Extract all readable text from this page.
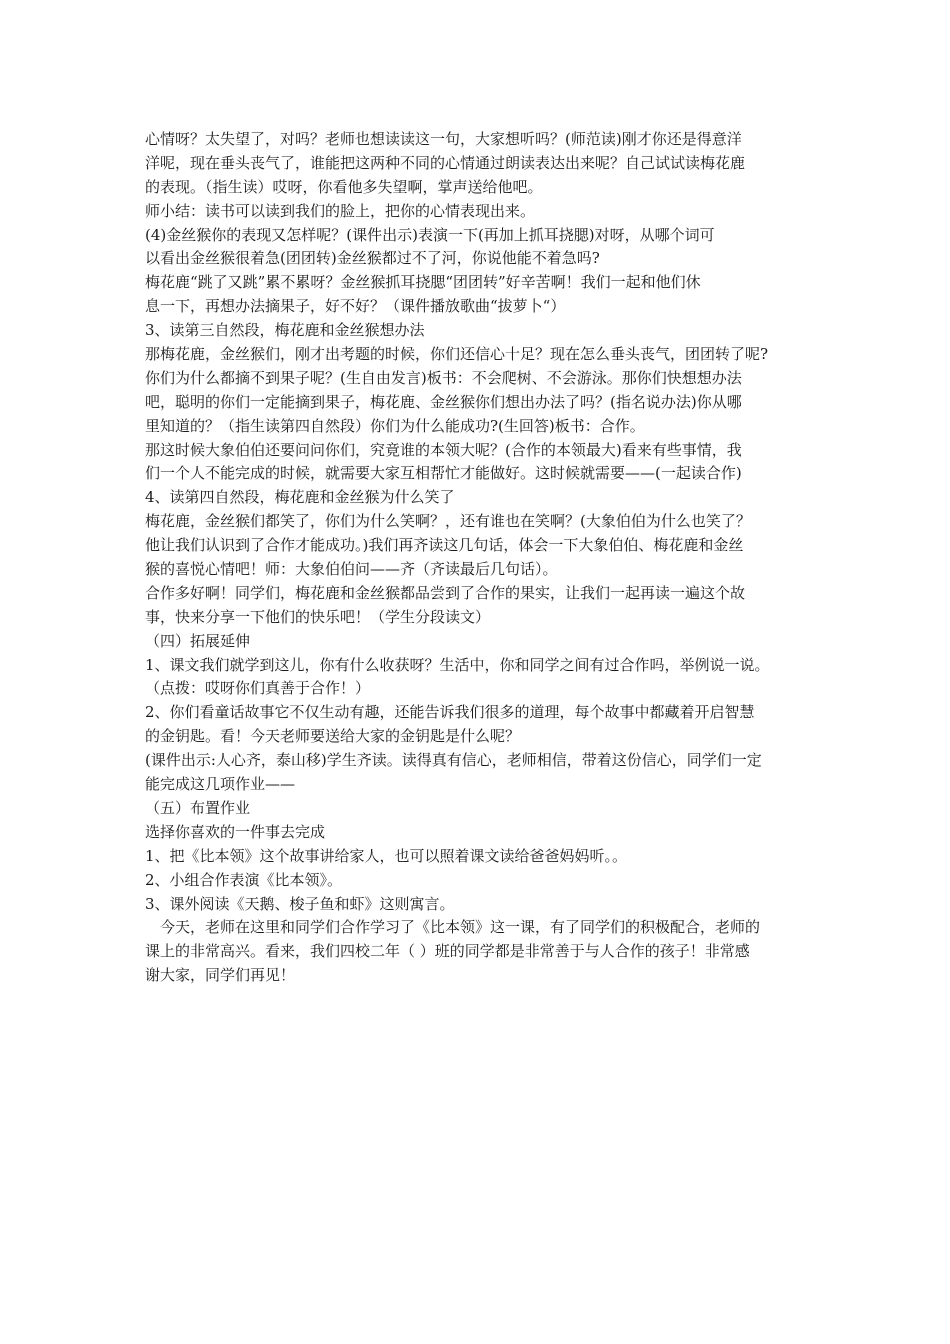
心情呀？太失望了，对吗？老师也想读读这一句，大家想听吗？(师范读)刚才你还是得意洋
洋呢，现在垂头丧气了，谁能把这两种不同的心情通过朗读表达出来呢？自己试试读梅花鹿
的表现。（指生读）哎呀，你看他多失望啊，掌声送给他吧。
师小结：读书可以读到我们的脸上，把你的心情表现出来。
(4)金丝猴你的表现又怎样呢？(课件出示)表演一下(再加上抓耳挠腮)对呀，从哪个词可
以看出金丝猴很着急(团团转)金丝猴都过不了河，你说他能不着急吗?
梅花鹿“跳了又跳”累不累呀？金丝猴抓耳挠腮“团团转”好辛苦啊！我们一起和他们休
息一下，再想办法摘果子，好不好？（课件播放歌曲“拔萝卜“）
3、读第三自然段，梅花鹿和金丝猴想办法
那梅花鹿，金丝猴们，刚才出考题的时候，你们还信心十足？现在怎么垂头丧气，团团转了呢?
你们为什么都摘不到果子呢？(生自由发言)板书：不会爬树、不会游泳。那你们快想想办法
吧，聪明的你们一定能摘到果子，梅花鹿、金丝猴你们想出办法了吗？(指名说办法)你从哪
里知道的？（指生读第四自然段）你们为什么能成功?(生回答)板书：合作。
那这时候大象伯伯还要问问你们，究竟谁的本领大呢？(合作的本领最大)看来有些事情，我
们一个人不能完成的时候，就需要大家互相帮忙才能做好。这时候就需要——(一起读合作)
4、读第四自然段，梅花鹿和金丝猴为什么笑了
梅花鹿，金丝猴们都笑了，你们为什么笑啊？，还有谁也在笑啊？(大象伯伯为什么也笑了？
他让我们认识到了合作才能成功。)我们再齐读这几句话，体会一下大象伯伯、梅花鹿和金丝
猴的喜悦心情吧！师：大象伯伯问——齐（齐读最后几句话）。
合作多好啊！同学们，梅花鹿和金丝猴都品尝到了合作的果实，让我们一起再读一遍这个故
事，快来分享一下他们的快乐吧！（学生分段读文）
（四）拓展延伸
1、课文我们就学到这儿，你有什么收获呀？生活中，你和同学之间有过合作吗，举例说一说。
（点拨：哎呀你们真善于合作！）
2、你们看童话故事它不仅生动有趣，还能告诉我们很多的道理，每个故事中都藏着开启智慧
的金钥匙。看！今天老师要送给大家的金钥匙是什么呢？
(课件出示:人心齐，泰山移)学生齐读。读得真有信心，老师相信，带着这份信心，同学们一定
能完成这几项作业——
（五）布置作业
选择你喜欢的一件事去完成
1、把《比本领》这个故事讲给家人，也可以照着课文读给爸爸妈妈听。。
2、小组合作表演《比本领》。
3、课外阅读《天鹅、梭子鱼和虾》这则寓言。
今天，老师在这里和同学们合作学习了《比本领》这一课，有了同学们的积极配合，老师的
课上的非常高兴。看来，我们四校二年（ ）班的同学都是非常善于与人合作的孩子！非常感
谢大家，同学们再见！
